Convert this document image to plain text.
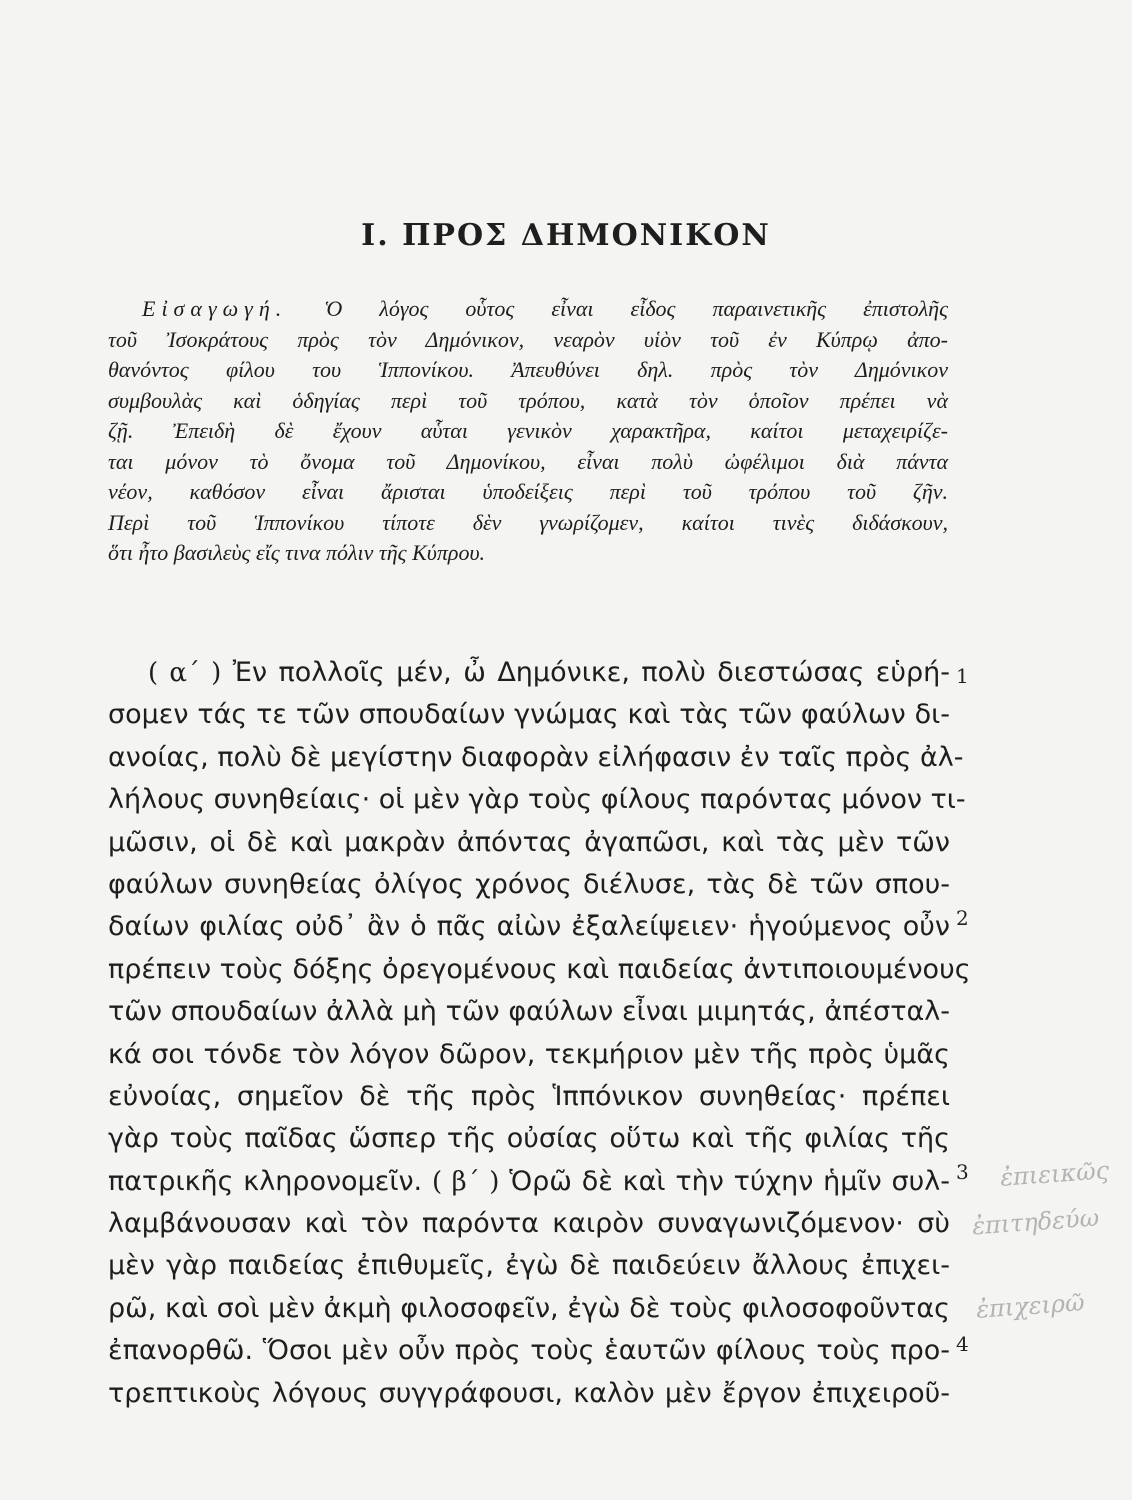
Ι. ΠΡΟΣ ΔΗΜΟΝΙΚΟΝ
Εἰσαγωγή. Ὁ λόγος οὗτος εἶναι εἶδος παραινετικῆς ἐπιστολῆς
τοῦ Ἰσοκράτους πρὸς τὸν Δημόνικον, νεαρὸν υἱὸν τοῦ ἐν Κύπρῳ ἀπο-
θανόντος φίλου του Ἱππονίκου. Ἀπευθύνει δηλ. πρὸς τὸν Δημόνικον
συμβουλὰς καὶ ὁδηγίας περὶ τοῦ τρόπου, κατὰ τὸν ὁποῖον πρέπει νὰ
ζῇ. Ἐπειδὴ δὲ ἔχουν αὗται γενικὸν χαρακτῆρα, καίτοι μεταχειρίζε-
ται μόνον τὸ ὄνομα τοῦ Δημονίκου, εἶναι πολὺ ὠφέλιμοι διὰ πάντα
νέον, καθόσον εἶναι ἄρισται ὑποδείξεις περὶ τοῦ τρόπου τοῦ ζῆν.
Περὶ τοῦ Ἱππονίκου τίποτε δὲν γνωρίζομεν, καίτοι τινὲς διδάσκουν,
ὅτι ἦτο βασιλεὺς εἴς τινα πόλιν τῆς Κύπρου.
( α΄ ) Ἐν πολλοῖς μέν, ὦ Δημόνικε, πολὺ διεστώσας εὑρή-
σομεν τάς τε τῶν σπουδαίων γνώμας καὶ τὰς τῶν φαύλων δι-
ανοίας, πολὺ δὲ μεγίστην διαφορὰν εἰλήφασιν ἐν ταῖς πρὸς ἀλ-
λήλους συνηθείαις· οἱ μὲν γὰρ τοὺς φίλους παρόντας μόνον τι-
μῶσιν, οἱ δὲ καὶ μακρὰν ἀπόντας ἀγαπῶσι, καὶ τὰς μὲν τῶν
φαύλων συνηθείας ὀλίγος χρόνος διέλυσε, τὰς δὲ τῶν σπου-
δαίων φιλίας οὐδ᾽ ἂν ὁ πᾶς αἰὼν ἐξαλείψειεν· ἡγούμενος οὖν
πρέπειν τοὺς δόξης ὀρεγομένους καὶ παιδείας ἀντιποιουμένους
τῶν σπουδαίων ἀλλὰ μὴ τῶν φαύλων εἶναι μιμητάς, ἀπέσταλ-
κά σοι τόνδε τὸν λόγον δῶρον, τεκμήριον μὲν τῆς πρὸς ὑμᾶς
εὐνοίας, σημεῖον δὲ τῆς πρὸς Ἱππόνικον συνηθείας· πρέπει
γὰρ τοὺς παῖδας ὥσπερ τῆς οὐσίας οὕτω καὶ τῆς φιλίας τῆς
πατρικῆς κληρονομεῖν. ( β΄ ) Ὁρῶ δὲ καὶ τὴν τύχην ἡμῖν συλ-
λαμβάνουσαν καὶ τὸν παρόντα καιρὸν συναγωνιζόμενον· σὺ
μὲν γὰρ παιδείας ἐπιθυμεῖς, ἐγὼ δὲ παιδεύειν ἄλλους ἐπιχει-
ρῶ, καὶ σοὶ μὲν ἀκμὴ φιλοσοφεῖν, ἐγὼ δὲ τοὺς φιλοσοφοῦντας
ἐπανορθῶ. Ὅσοι μὲν οὖν πρὸς τοὺς ἑαυτῶν φίλους τοὺς προ-
τρεπτικοὺς λόγους συγγράφουσι, καλὸν μὲν ἔργον ἐπιχειροῦ-
1
2
3
4
ἐπιεικῶς
ἐπιτηδεύω
ἐπιχειρῶ
